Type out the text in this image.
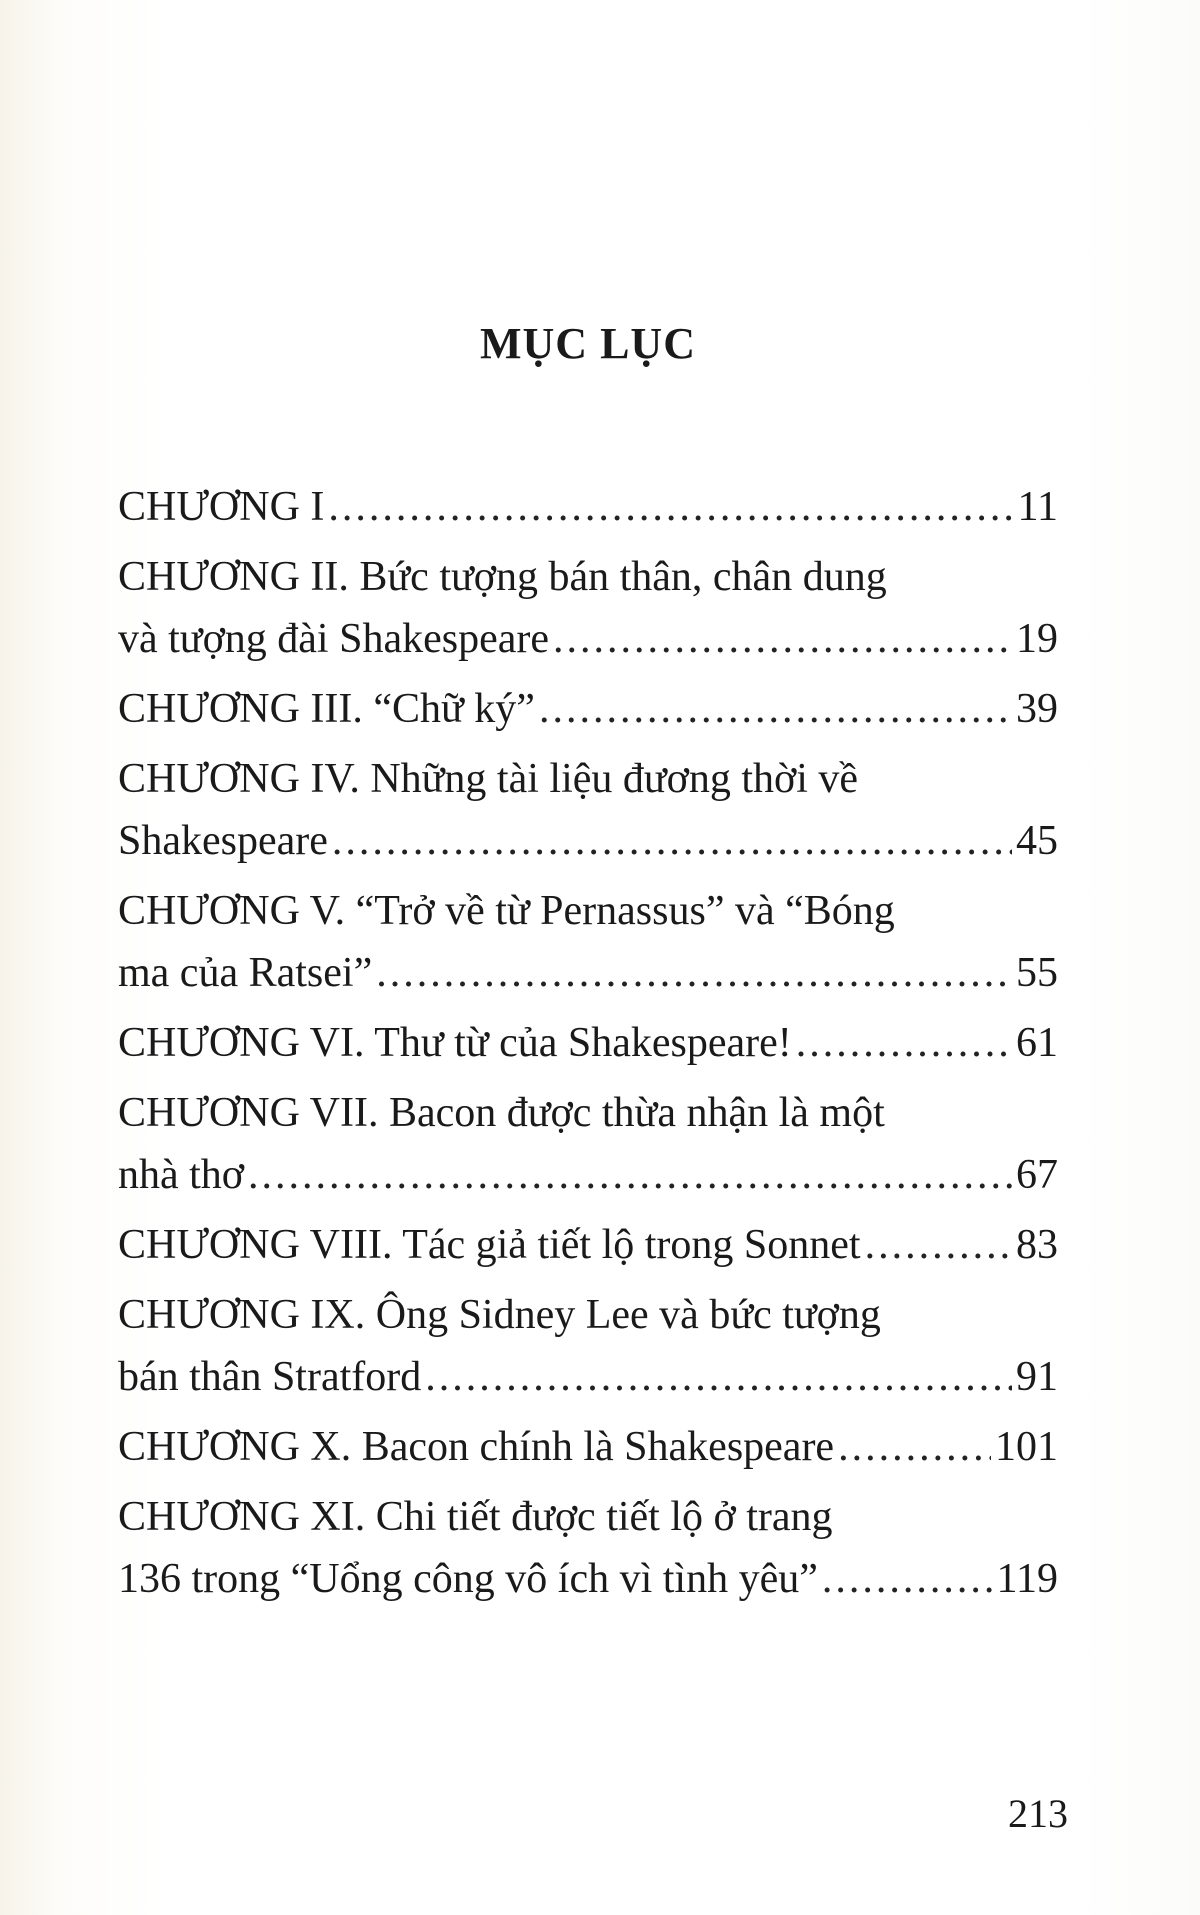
MỤC LỤC
CHƯƠNG I .....	11
CHƯƠNG II. Bức tượng bán thân, chân dung
và tượng đài Shakespeare .....	19
CHƯƠNG III. “Chữ ký” .....	39
CHƯƠNG IV. Những tài liệu đương thời về
Shakespeare .....	45
CHƯƠNG V. “Trở về từ Pernassus” và “Bóng
ma của Ratsei” .....	55
CHƯƠNG VI. Thư từ của Shakespeare! .....	61
CHƯƠNG VII. Bacon được thừa nhận là một
nhà thơ .....	67
CHƯƠNG VIII. Tác giả tiết lộ trong Sonnet .....	83
CHƯƠNG IX. Ông Sidney Lee và bức tượng
bán thân Stratford .....	91
CHƯƠNG X. Bacon chính là Shakespeare .....	101
CHƯƠNG XI. Chi tiết được tiết lộ ở trang
136 trong “Uổng công vô ích vì tình yêu” .....	119
213
